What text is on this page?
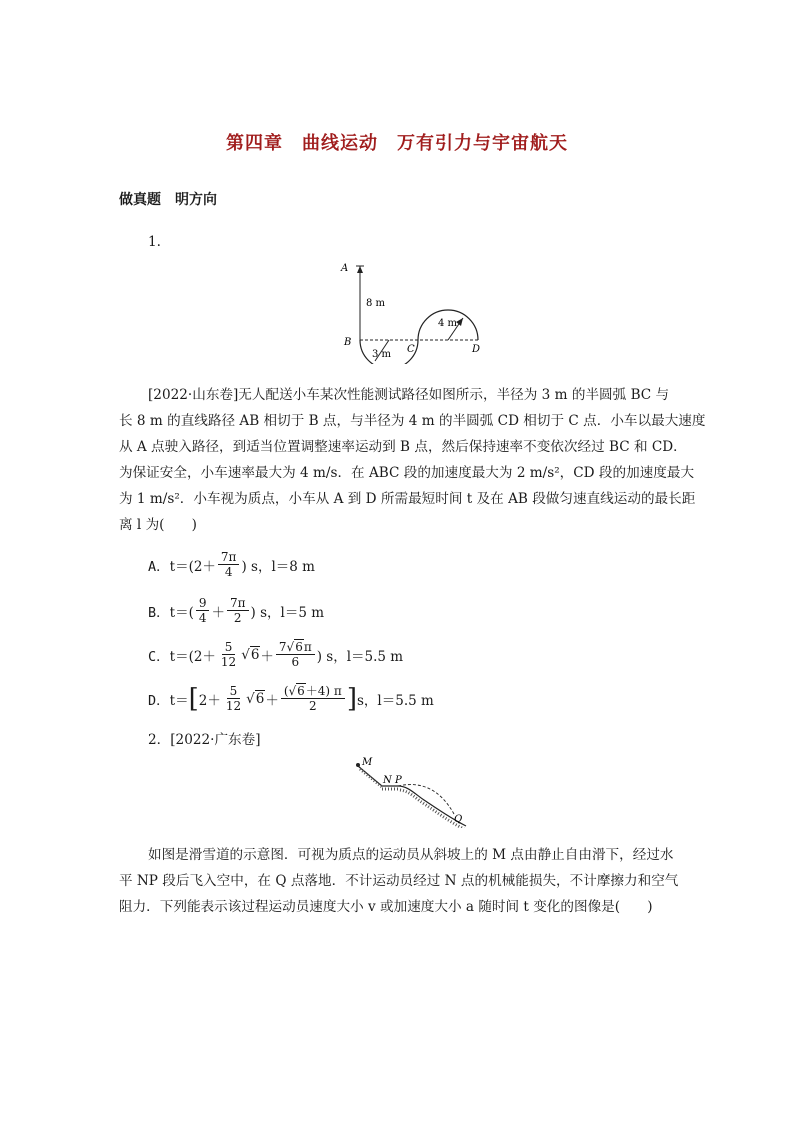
第四章　曲线运动　万有引力与宇宙航天
做真题　明方向
1.
A
8 m
B
3 m C
4 m
D
[2022·山东卷]无人配送小车某次性能测试路径如图所示，半径为 3 m 的半圆弧 BC 与
长 8 m 的直线路径 AB 相切于 B 点，与半径为 4 m 的半圆弧 CD 相切于 C 点．小车以最大速度
从 A 点驶入路径，到适当位置调整速率运动到 B 点，然后保持速率不变依次经过 BC 和 CD．
为保证安全，小车速率最大为 4 m/s．在 ABC 段的加速度最大为 2 m/s²，CD 段的加速度最大
为 1 m/s²．小车视为质点，小车从 A 到 D 所需最短时间 t 及在 AB 段做匀速直线运动的最长距
离 l 为(　　)
A． $t=(2+ \frac{7\pi}{4}$ ) s，l＝8 m
B． $t=( \frac{9}{4} + \frac{7\pi}{2}$ ) s，l＝5 m
C． $t=(2+ \frac{5}{12} √6 + \frac{7√6\pi}{6}$ ) s，l＝5.5 m
D． t＝ [ $2+ \frac{5}{12} √6 + \frac{(√6+4) \pi}{2}$ ] s，l＝5.5 m
2．[2022·广东卷]
M
N P
Q
如图是滑雪道的示意图．可视为质点的运动员从斜坡上的 M 点由静止自由滑下，经过水
平 NP 段后飞入空中，在 Q 点落地．不计运动员经过 N 点的机械能损失，不计摩擦力和空气
阻力．下列能表示该过程运动员速度大小 v 或加速度大小 a 随时间 t 变化的图像是(　　)
